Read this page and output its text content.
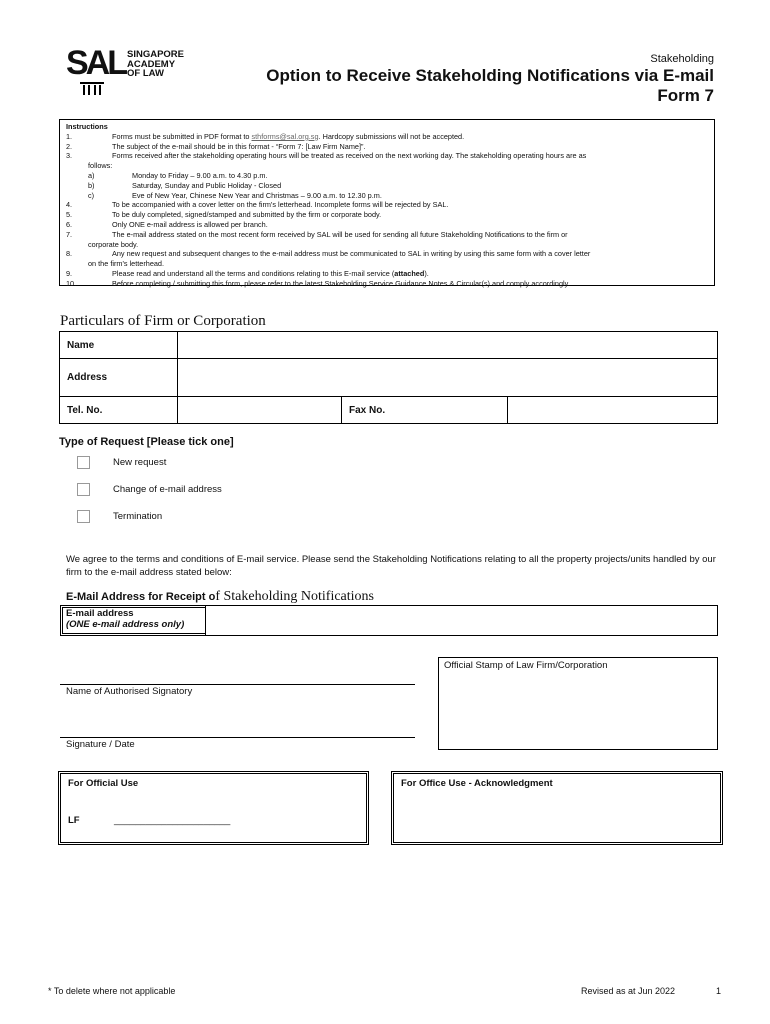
SAL SINGAPORE
ACADEMY
OF LAW
Stakeholding
Option to Receive Stakeholding Notifications via E-mail
Form 7
Instructions
1.	Forms must be submitted in PDF format to sthforms@sal.org.sg. Hardcopy submissions will not be accepted.
2.	The subject of the e-mail should be in this format - “Form 7: [Law Firm Name]”.
3.	Forms received after the stakeholding operating hours will be treated as received on the next working day. The stakeholding operating hours are as
follows:
a)	Monday to Friday – 9.00 a.m. to 4.30 p.m.
b)	Saturday, Sunday and Public Holiday - Closed
c)	Eve of New Year, Chinese New Year and Christmas – 9.00 a.m. to 12.30 p.m.
4.	To be accompanied with a cover letter on the firm's letterhead. Incomplete forms will be rejected by SAL.
5.	To be duly completed, signed/stamped and submitted by the firm or corporate body.
6.	Only ONE e-mail address is allowed per branch.
7.	The e-mail address stated on the most recent form received by SAL will be used for sending all future Stakeholding Notifications to the firm or
corporate body.
8.	Any new request and subsequent changes to the e-mail address must be communicated to SAL in writing by using this same form with a cover letter
on the firm's letterhead.
9.	Please read and understand all the terms and conditions relating to this E-mail service (attached).
10.	Before completing / submitting this form, please refer to the latest Stakeholding Service Guidance Notes & Circular(s) and comply accordingly.
Particulars of Firm or Corporation
Name			
Address			
Tel. No.		Fax No.	
Type of Request [Please tick one]
New request
Change of e-mail address
Termination
We agree to the terms and conditions of E-mail service. Please send the Stakeholding Notifications relating to all the property projects/units handled by our firm to the e-mail address stated below:
E-Mail Address for Receipt of Stakeholding Notifications
E-mail address
(ONE e-mail address only)
Name of Authorised Signatory
Signature / Date
Official Stamp of Law Firm/Corporation
For Official Use
LF	______________________
For Office Use - Acknowledgment
* To delete where not applicable	Revised as at Jun 2022	1
